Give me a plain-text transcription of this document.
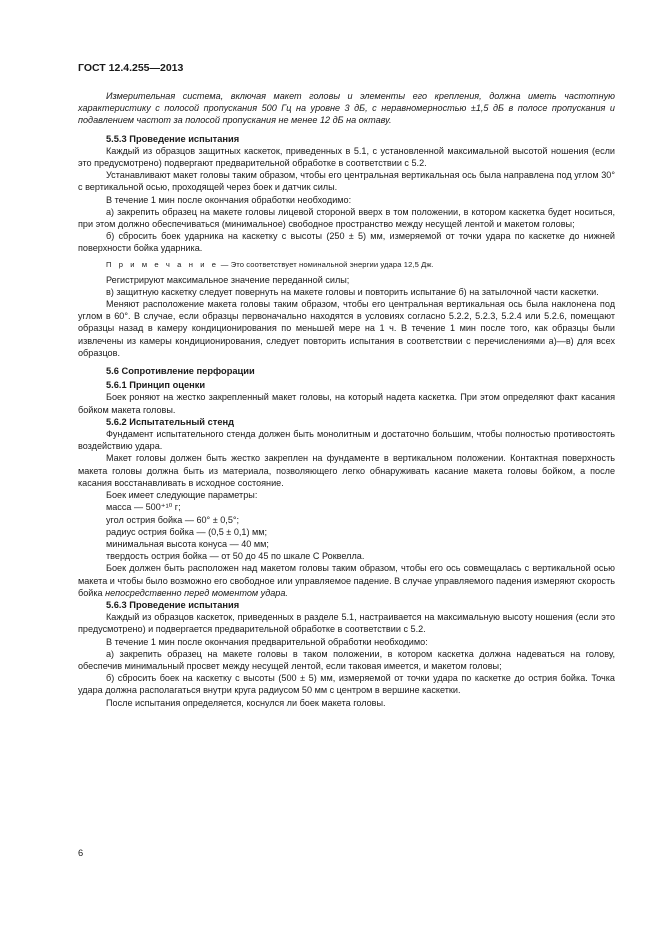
ГОСТ 12.4.255—2013

Измерительная система, включая макет головы и элементы его крепления, должна иметь частотную характеристику с полосой пропускания 500 Гц на уровне 3 дБ, с неравномерностью ±1,5 дБ в полосе пропускания и подавлением частот за полосой пропускания не менее 12 дБ на октаву.

5.5.3 Проведение испытания

Каждый из образцов защитных каскеток, приведенных в 5.1, с установленной максимальной высотой ношения (если это предусмотрено) подвергают предварительной обработке в соответствии с 5.2.

Устанавливают макет головы таким образом, чтобы его центральная вертикальная ось была направлена под углом 30° с вертикальной осью, проходящей через боек и датчик силы.

В течение 1 мин после окончания обработки необходимо:

а) закрепить образец на макете головы лицевой стороной вверх в том положении, в котором каскетка будет носиться, при этом должно обеспечиваться (минимальное) свободное пространство между несущей лентой и макетом головы;

б) сбросить боек ударника на каскетку с высоты (250 ± 5) мм, измеряемой от точки удара по каскетке до нижней поверхности бойка ударника.

П р и м е ч а н и е — Это соответствует номинальной энергии удара 12,5 Дж.

Регистрируют максимальное значение переданной силы;

в) защитную каскетку следует повернуть на макете головы и повторить испытание б) на затылочной части каскетки.

Меняют расположение макета головы таким образом, чтобы его центральная вертикальная ось была наклонена под углом в 60°. В случае, если образцы первоначально находятся в условиях согласно 5.2.2, 5.2.3, 5.2.4 или 5.2.6, помещают образцы назад в камеру кондиционирования по меньшей мере на 1 ч. В течение 1 мин после того, как образцы были извлечены из камеры кондиционирования, следует повторить испытания в соответствии с перечислениями а)—в) для всех образцов.

5.6 Сопротивление перфорации
5.6.1 Принцип оценки

Боек роняют на жестко закрепленный макет головы, на который надета каскетка. При этом определяют факт касания бойком макета головы.

5.6.2 Испытательный стенд

Фундамент испытательного стенда должен быть монолитным и достаточно большим, чтобы полностью противостоять воздействию удара.

Макет головы должен быть жестко закреплен на фундаменте в вертикальном положении. Контактная поверхность макета головы должна быть из материала, позволяющего легко обнаруживать касание макета головы бойком, а после касания восстанавливать в исходное состояние.

Боек имеет следующие параметры:

масса — 500⁺¹⁰ г;

угол острия бойка — 60° ± 0,5°;

радиус острия бойка — (0,5 ± 0,1) мм;

минимальная высота конуса — 40 мм;

твердость острия бойка — от 50 до 45 по шкале С Роквелла.

Боек должен быть расположен над макетом головы таким образом, чтобы его ось совмещалась с вертикальной осью макета и чтобы было возможно его свободное или управляемое падение. В случае управляемого падения измеряют скорость бойка непосредственно перед моментом удара.

5.6.3 Проведение испытания

Каждый из образцов каскеток, приведенных в разделе 5.1, настраивается на максимальную высоту ношения (если это предусмотрено) и подвергается предварительной обработке в соответствии с 5.2.

В течение 1 мин после окончания предварительной обработки необходимо:

а) закрепить образец на макете головы в таком положении, в котором каскетка должна надеваться на голову, обеспечив минимальный просвет между несущей лентой, если таковая имеется, и макетом головы;

б) сбросить боек на каскетку с высоты (500 ± 5) мм, измеряемой от точки удара по каскетке до острия бойка. Точка удара должна располагаться внутри круга радиусом 50 мм с центром в вершине каскетки.

После испытания определяется, коснулся ли боек макета головы.

6
